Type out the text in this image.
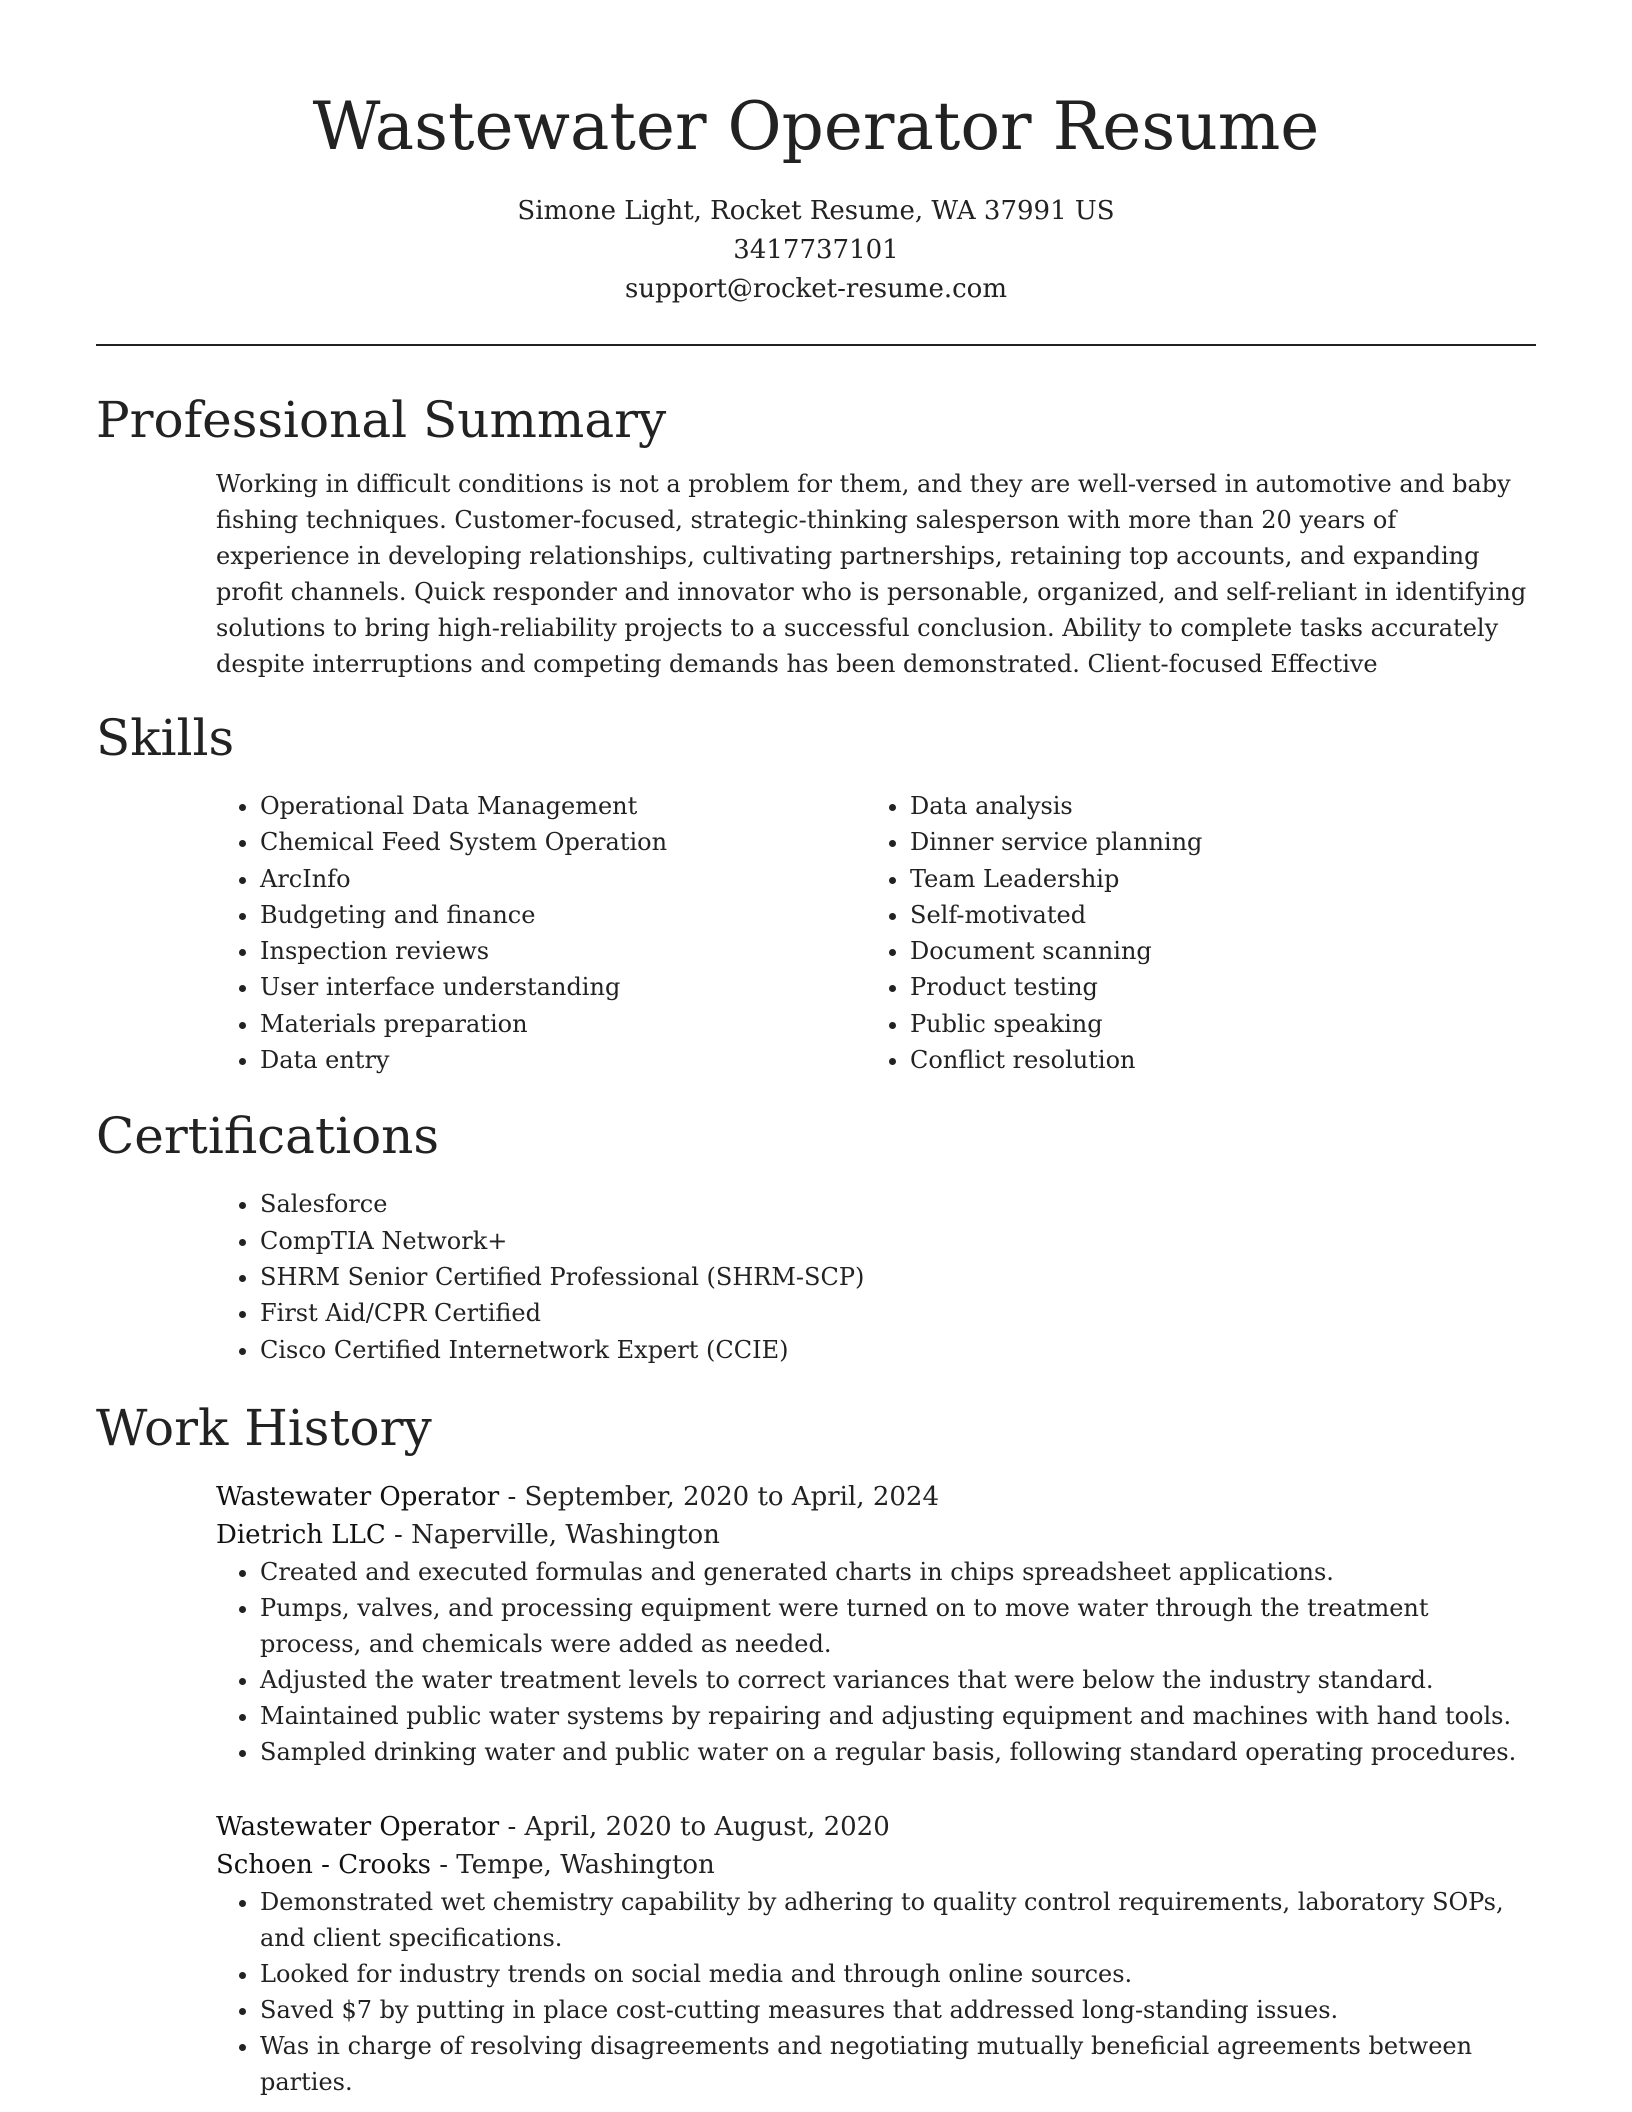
Wastewater Operator Resume
Simone Light, Rocket Resume, WA 37991 US
3417737101
support@rocket-resume.com
Professional Summary

Working in difficult conditions is not a problem for them, and they are well-versed in automotive and baby fishing techniques. Customer-focused, strategic-thinking salesperson with more than 20 years of experience in developing relationships, cultivating partnerships, retaining top accounts, and expanding profit channels. Quick responder and innovator who is personable, organized, and self-reliant in identifying solutions to bring high-reliability projects to a successful conclusion. Ability to complete tasks accurately despite interruptions and competing demands has been demonstrated. Client-focused Effective

Skills
• Operational Data Management
• Chemical Feed System Operation
• ArcInfo
• Budgeting and finance
• Inspection reviews
• User interface understanding
• Materials preparation
• Data entry
• Data analysis
• Dinner service planning
• Team Leadership
• Self-motivated
• Document scanning
• Product testing
• Public speaking
• Conflict resolution
Certifications
• Salesforce
• CompTIA Network+
• SHRM Senior Certified Professional (SHRM-SCP)
• First Aid/CPR Certified
• Cisco Certified Internetwork Expert (CCIE)
Work History
Wastewater Operator - September, 2020 to April, 2024
Dietrich LLC - Naperville, Washington
• Created and executed formulas and generated charts in chips spreadsheet applications.
• Pumps, valves, and processing equipment were turned on to move water through the treatment process, and chemicals were added as needed.
• Adjusted the water treatment levels to correct variances that were below the industry standard.
• Maintained public water systems by repairing and adjusting equipment and machines with hand tools.
• Sampled drinking water and public water on a regular basis, following standard operating procedures.
Wastewater Operator - April, 2020 to August, 2020
Schoen - Crooks - Tempe, Washington
• Demonstrated wet chemistry capability by adhering to quality control requirements, laboratory SOPs, and client specifications.
• Looked for industry trends on social media and through online sources.
• Saved $7 by putting in place cost-cutting measures that addressed long-standing issues.
• Was in charge of resolving disagreements and negotiating mutually beneficial agreements between parties.
